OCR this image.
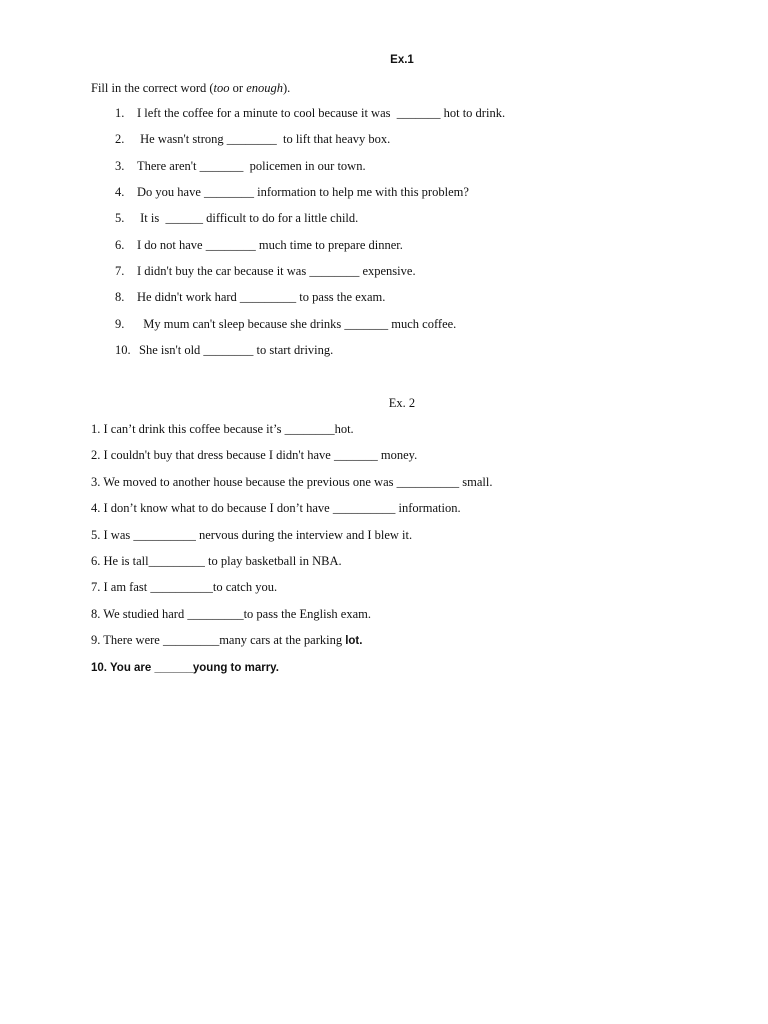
Ex.1
Fill in the correct word (too or enough).
1. I left the coffee for a minute to cool because it was  _______ hot to drink.
2. He wasn't strong ________  to lift that heavy box.
3. There aren't _______  policemen in our town.
4. Do you have ________ information to help me with this problem?
5. It is  ______ difficult to do for a little child.
6. I do not have ________ much time to prepare dinner.
7. I didn't buy the car because it was ________ expensive.
8. He didn't work hard _________ to pass the exam.
9.  My mum can't sleep because she drinks _______ much coffee.
10. She isn't old ________ to start driving.
Ex. 2
1. I can’t drink this coffee because it’s ________hot.
2. I couldn't buy that dress because I didn't have _______ money.
3. We moved to another house because the previous one was __________ small.
4. I don’t know what to do because I don’t have __________ information.
5. I was __________ nervous during the interview and I blew it.
6. He is tall_________ to play basketball in NBA.
7. I am fast __________to catch you.
8. We studied hard _________to pass the English exam.
9. There were _________many cars at the parking lot.
10. You are ______young to marry.
